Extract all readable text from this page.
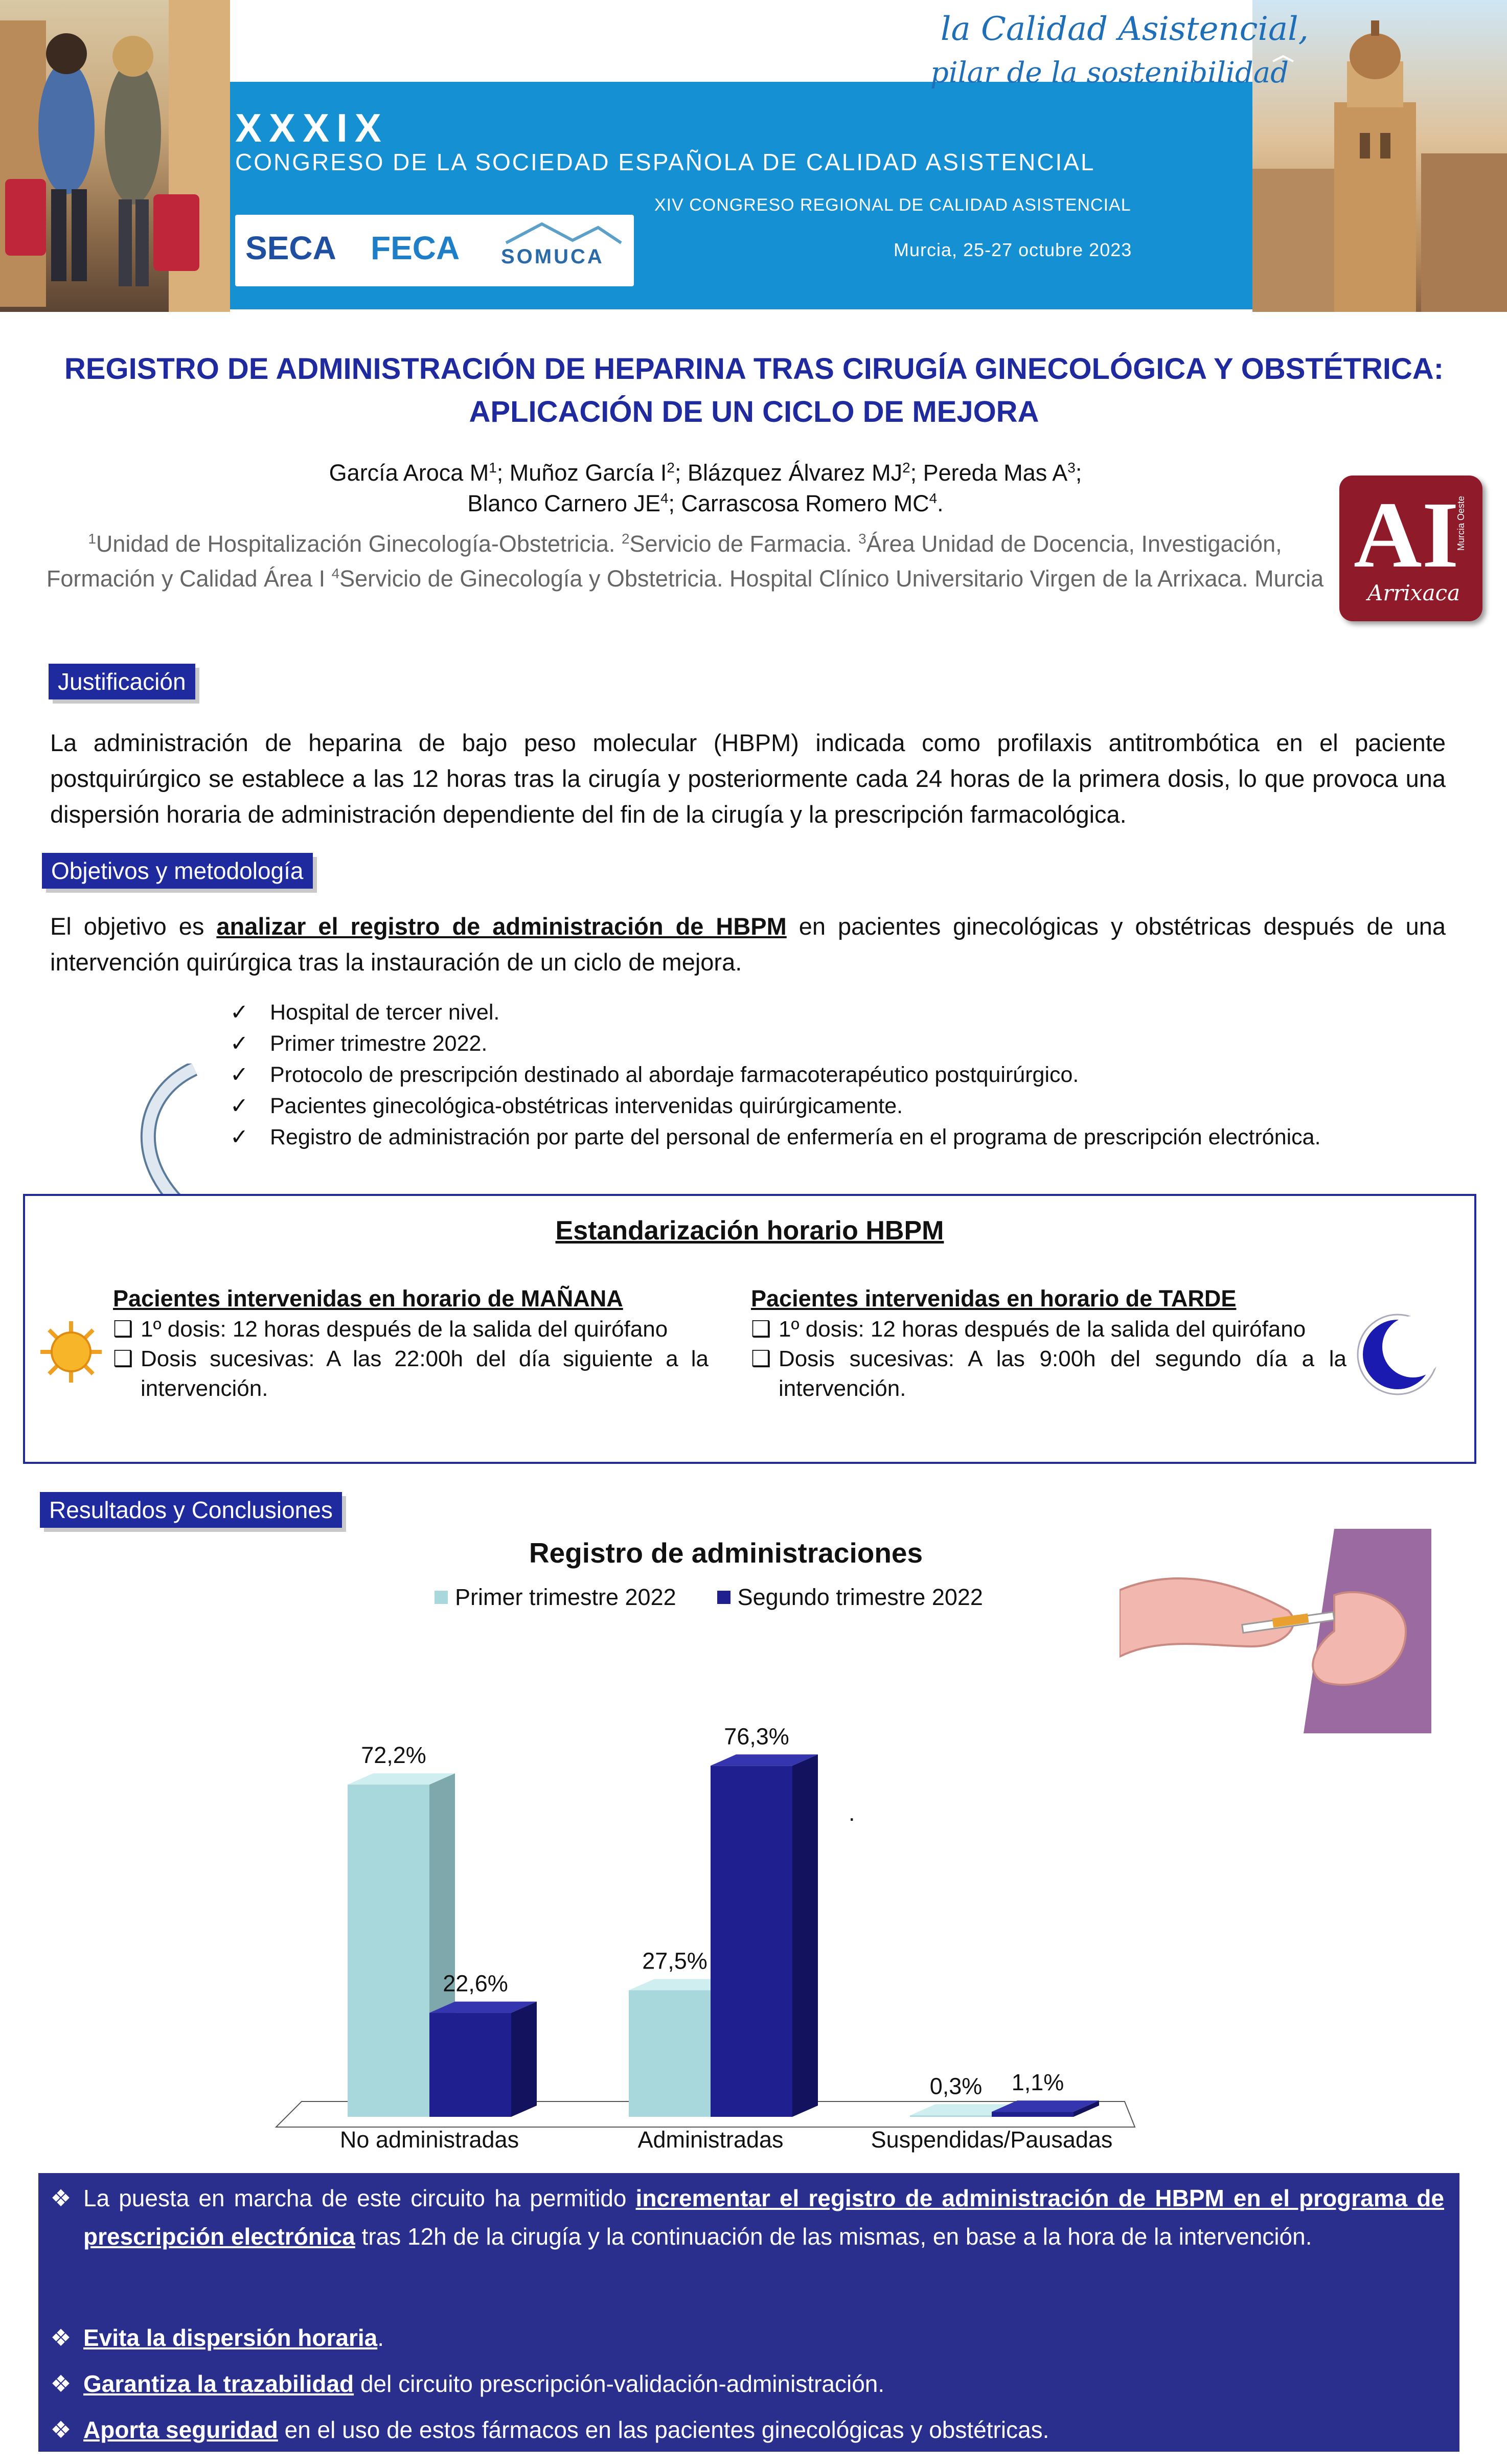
la Calidad Asistencial,
pilar de la sostenibilidad
XXXIX
CONGRESO DE LA SOCIEDAD ESPAÑOLA DE CALIDAD ASISTENCIAL
XIV CONGRESO REGIONAL DE CALIDAD ASISTENCIAL
SECA FECA SOMUCA	Murcia, 25-27 octubre 2023
REGISTRO DE ADMINISTRACIÓN DE HEPARINA TRAS CIRUGÍA GINECOLÓGICA Y OBSTÉTRICA:
APLICACIÓN DE UN CICLO DE MEJORA
García Aroca $M^1$; Muñoz García $I^2$; Blázquez Álvarez $MJ^2$; Pereda Mas $A^3$;
Blanco Carnero $JE^4$; Carrascosa Romero $MC^4$.
$^1$Unidad de Hospitalización Ginecología-Obstetricia. $^2$Servicio de Farmacia. $^3$Área Unidad de Docencia, Investigación, Formación y Calidad Área I $^4$Servicio de Ginecología y Obstetricia. Hospital Clínico Universitario Virgen de la Arrixaca. Murcia AI
Arrixaca
Murcia Oeste
Justificación
La administración de heparina de bajo peso molecular (HBPM) indicada como profilaxis antitrombótica en el paciente postquirúrgico se establece a las 12 horas tras la cirugía y posteriormente cada 24 horas de la primera dosis, lo que provoca una dispersión horaria de administración dependiente del fin de la cirugía y la prescripción farmacológica.
Objetivos y metodología
El objetivo es analizar el registro de administración de HBPM en pacientes ginecológicas y obstétricas después de una intervención quirúrgica tras la instauración de un ciclo de mejora.
✓ Hospital de tercer nivel.
✓ Primer trimestre 2022.
✓ Protocolo de prescripción destinado al abordaje farmacoterapéutico postquirúrgico.
✓ Pacientes ginecológica-obstétricas intervenidas quirúrgicamente.
✓ Registro de administración por parte del personal de enfermería en el programa de prescripción electrónica.
Estandarización horario HBPM
Pacientes intervenidas en horario de MAÑANA
❑ 1º dosis: 12 horas después de la salida del quirófano
❑ Dosis sucesivas: A las 22:00h del día siguiente a la intervención.
Pacientes intervenidas en horario de TARDE
❑ 1º dosis: 12 horas después de la salida del quirófano
❑ Dosis sucesivas: A las 9:00h del segundo día a la intervención.
Resultados y Conclusiones
Registro de administraciones
Primer trimestre 2022	Segundo trimestre 2022
72,2%
22,6%
27,5%
76,3%
0,3% 1,1%
No administradas	Administradas	Suspendidas/Pausadas
.
❖ La puesta en marcha de este circuito ha permitido incrementar el registro de administración de HBPM en el programa de prescripción electrónica tras 12h de la cirugía y la continuación de las mismas, en base a la hora de la intervención.
❖ Evita la dispersión horaria.
❖ Garantiza la trazabilidad del circuito prescripción-validación-administración.
❖ Aporta seguridad en el uso de estos fármacos en las pacientes ginecológicas y obstétricas.
